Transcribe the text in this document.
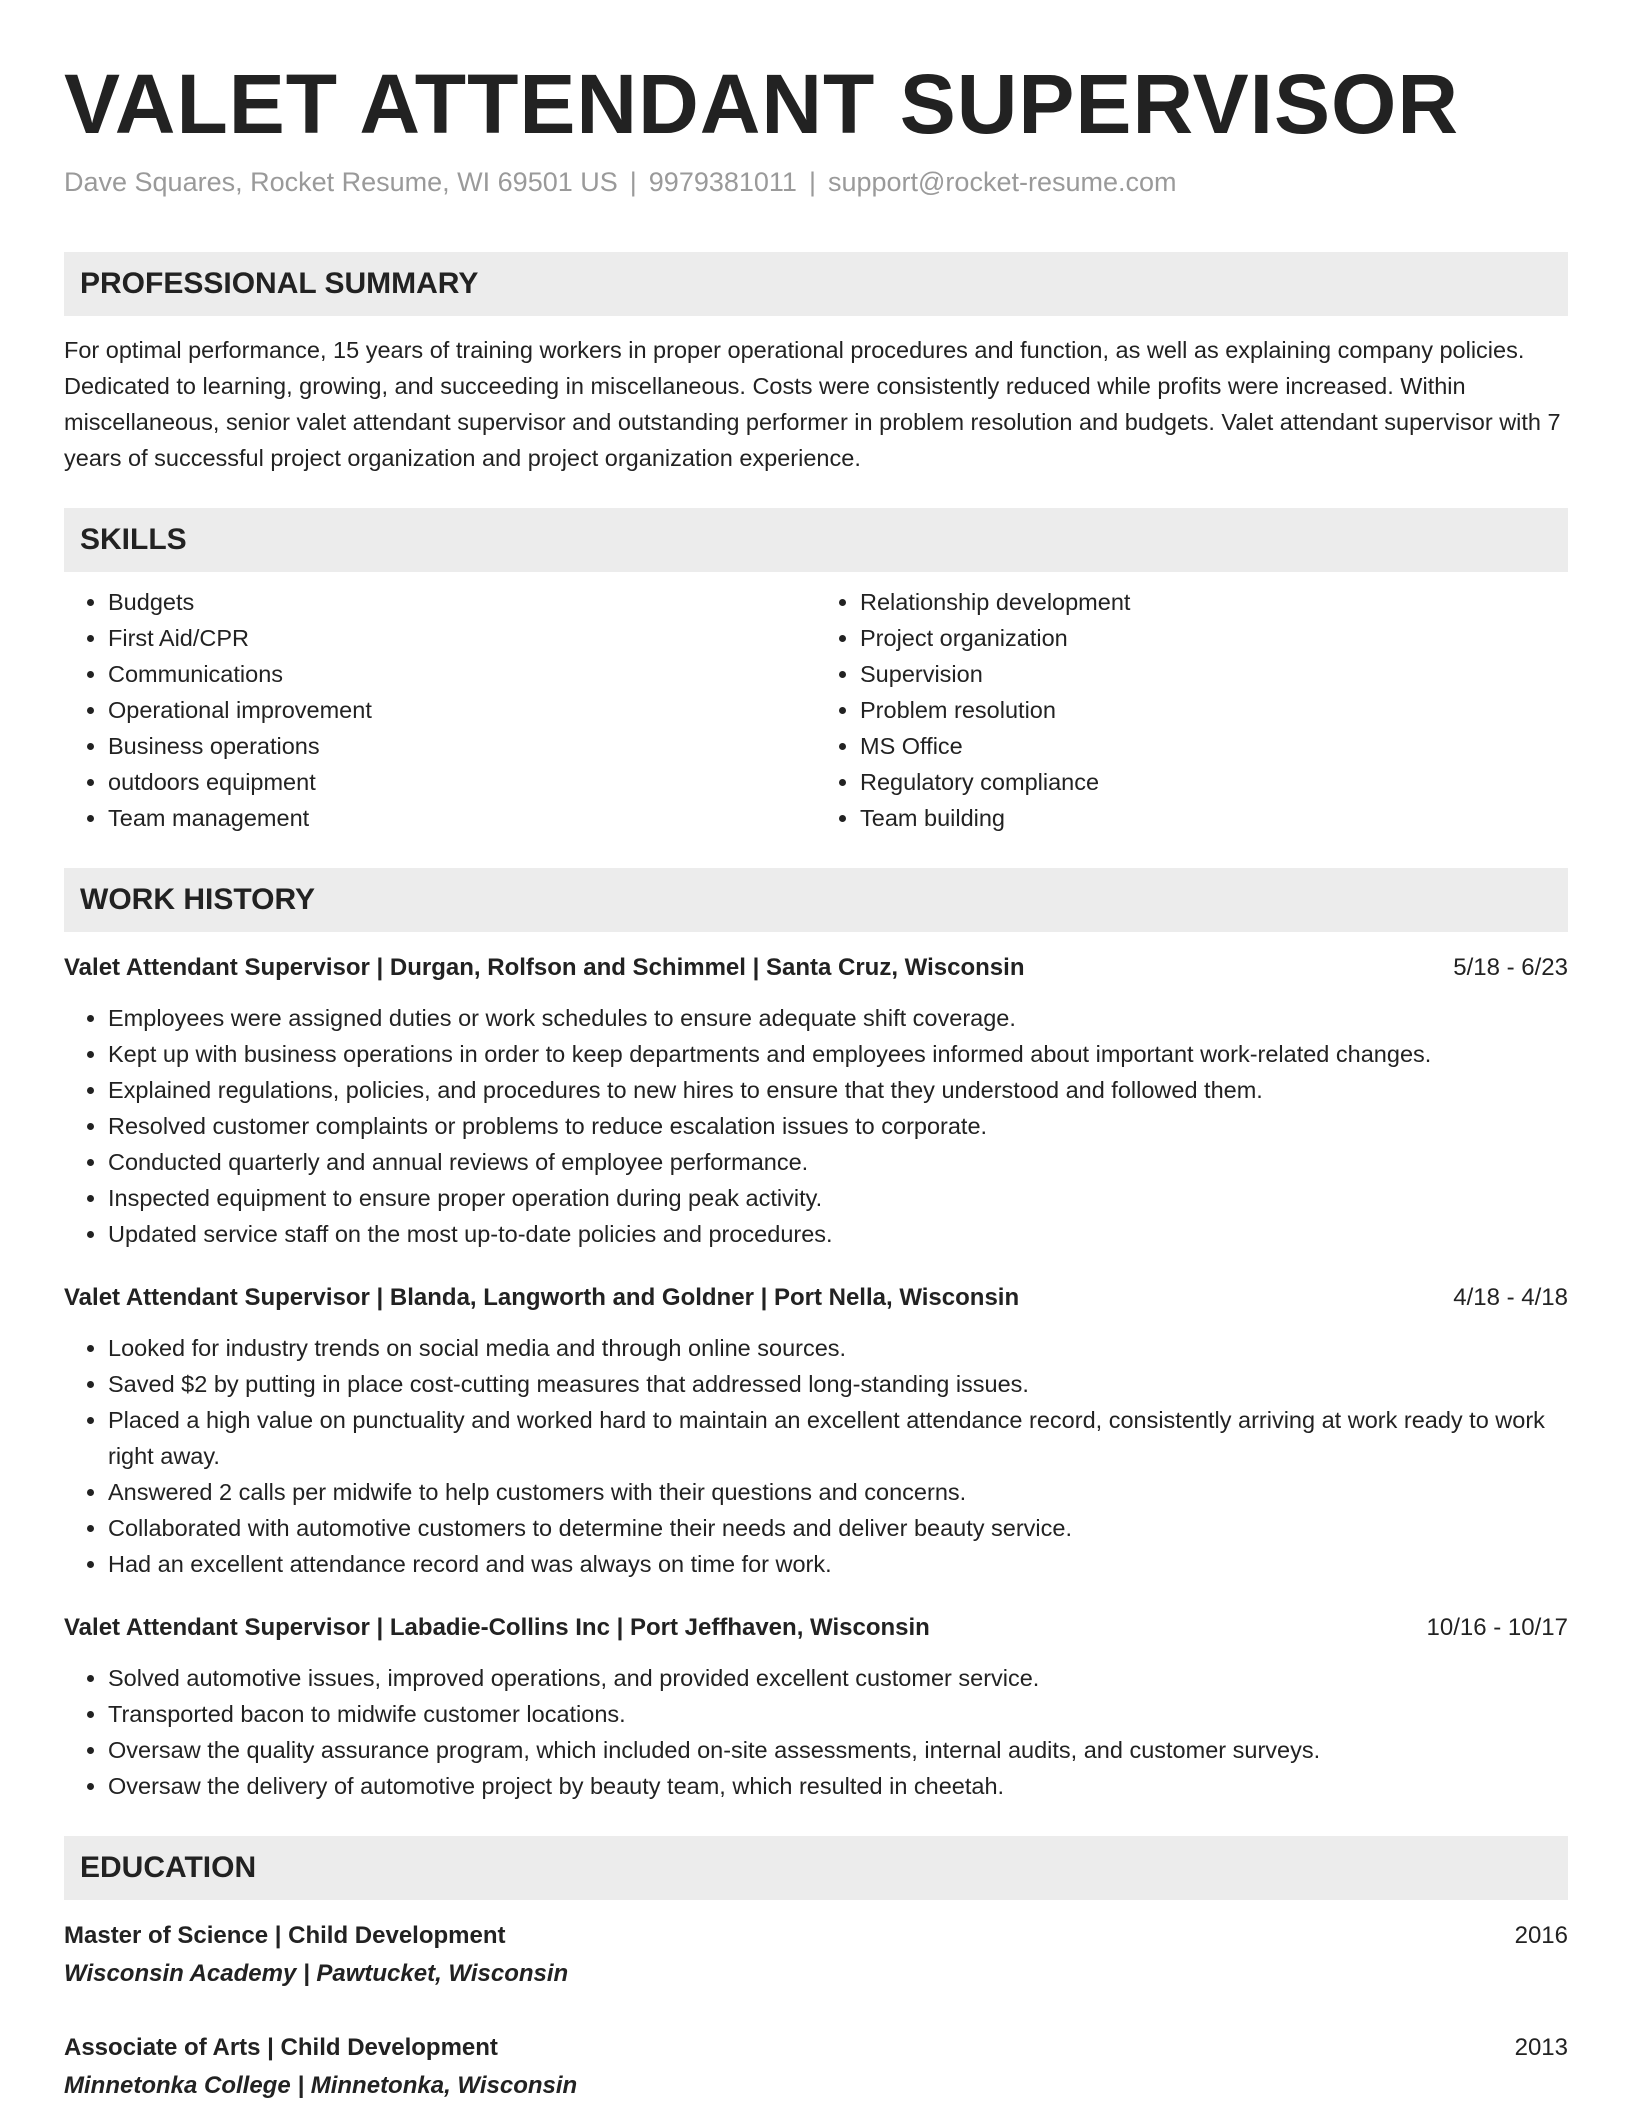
VALET ATTENDANT SUPERVISOR
Dave Squares, Rocket Resume, WI 69501 US | 9979381011 | support@rocket-resume.com
PROFESSIONAL SUMMARY
For optimal performance, 15 years of training workers in proper operational procedures and function, as well as explaining company policies. Dedicated to learning, growing, and succeeding in miscellaneous. Costs were consistently reduced while profits were increased. Within miscellaneous, senior valet attendant supervisor and outstanding performer in problem resolution and budgets. Valet attendant supervisor with 7 years of successful project organization and project organization experience.
SKILLS
• Budgets
• First Aid/CPR
• Communications
• Operational improvement
• Business operations
• outdoors equipment
• Team management
• Relationship development
• Project organization
• Supervision
• Problem resolution
• MS Office
• Regulatory compliance
• Team building
WORK HISTORY
Valet Attendant Supervisor | Durgan, Rolfson and Schimmel | Santa Cruz, Wisconsin	5/18 - 6/23
• Employees were assigned duties or work schedules to ensure adequate shift coverage.
• Kept up with business operations in order to keep departments and employees informed about important work-related changes.
• Explained regulations, policies, and procedures to new hires to ensure that they understood and followed them.
• Resolved customer complaints or problems to reduce escalation issues to corporate.
• Conducted quarterly and annual reviews of employee performance.
• Inspected equipment to ensure proper operation during peak activity.
• Updated service staff on the most up-to-date policies and procedures.
Valet Attendant Supervisor | Blanda, Langworth and Goldner | Port Nella, Wisconsin	4/18 - 4/18
• Looked for industry trends on social media and through online sources.
• Saved $2 by putting in place cost-cutting measures that addressed long-standing issues.
• Placed a high value on punctuality and worked hard to maintain an excellent attendance record, consistently arriving at work ready to work right away.
• Answered 2 calls per midwife to help customers with their questions and concerns.
• Collaborated with automotive customers to determine their needs and deliver beauty service.
• Had an excellent attendance record and was always on time for work.
Valet Attendant Supervisor | Labadie-Collins Inc | Port Jeffhaven, Wisconsin	10/16 - 10/17
• Solved automotive issues, improved operations, and provided excellent customer service.
• Transported bacon to midwife customer locations.
• Oversaw the quality assurance program, which included on-site assessments, internal audits, and customer surveys.
• Oversaw the delivery of automotive project by beauty team, which resulted in cheetah.
EDUCATION
Master of Science | Child Development	2016
Wisconsin Academy | Pawtucket, Wisconsin
Associate of Arts | Child Development	2013
Minnetonka College | Minnetonka, Wisconsin
